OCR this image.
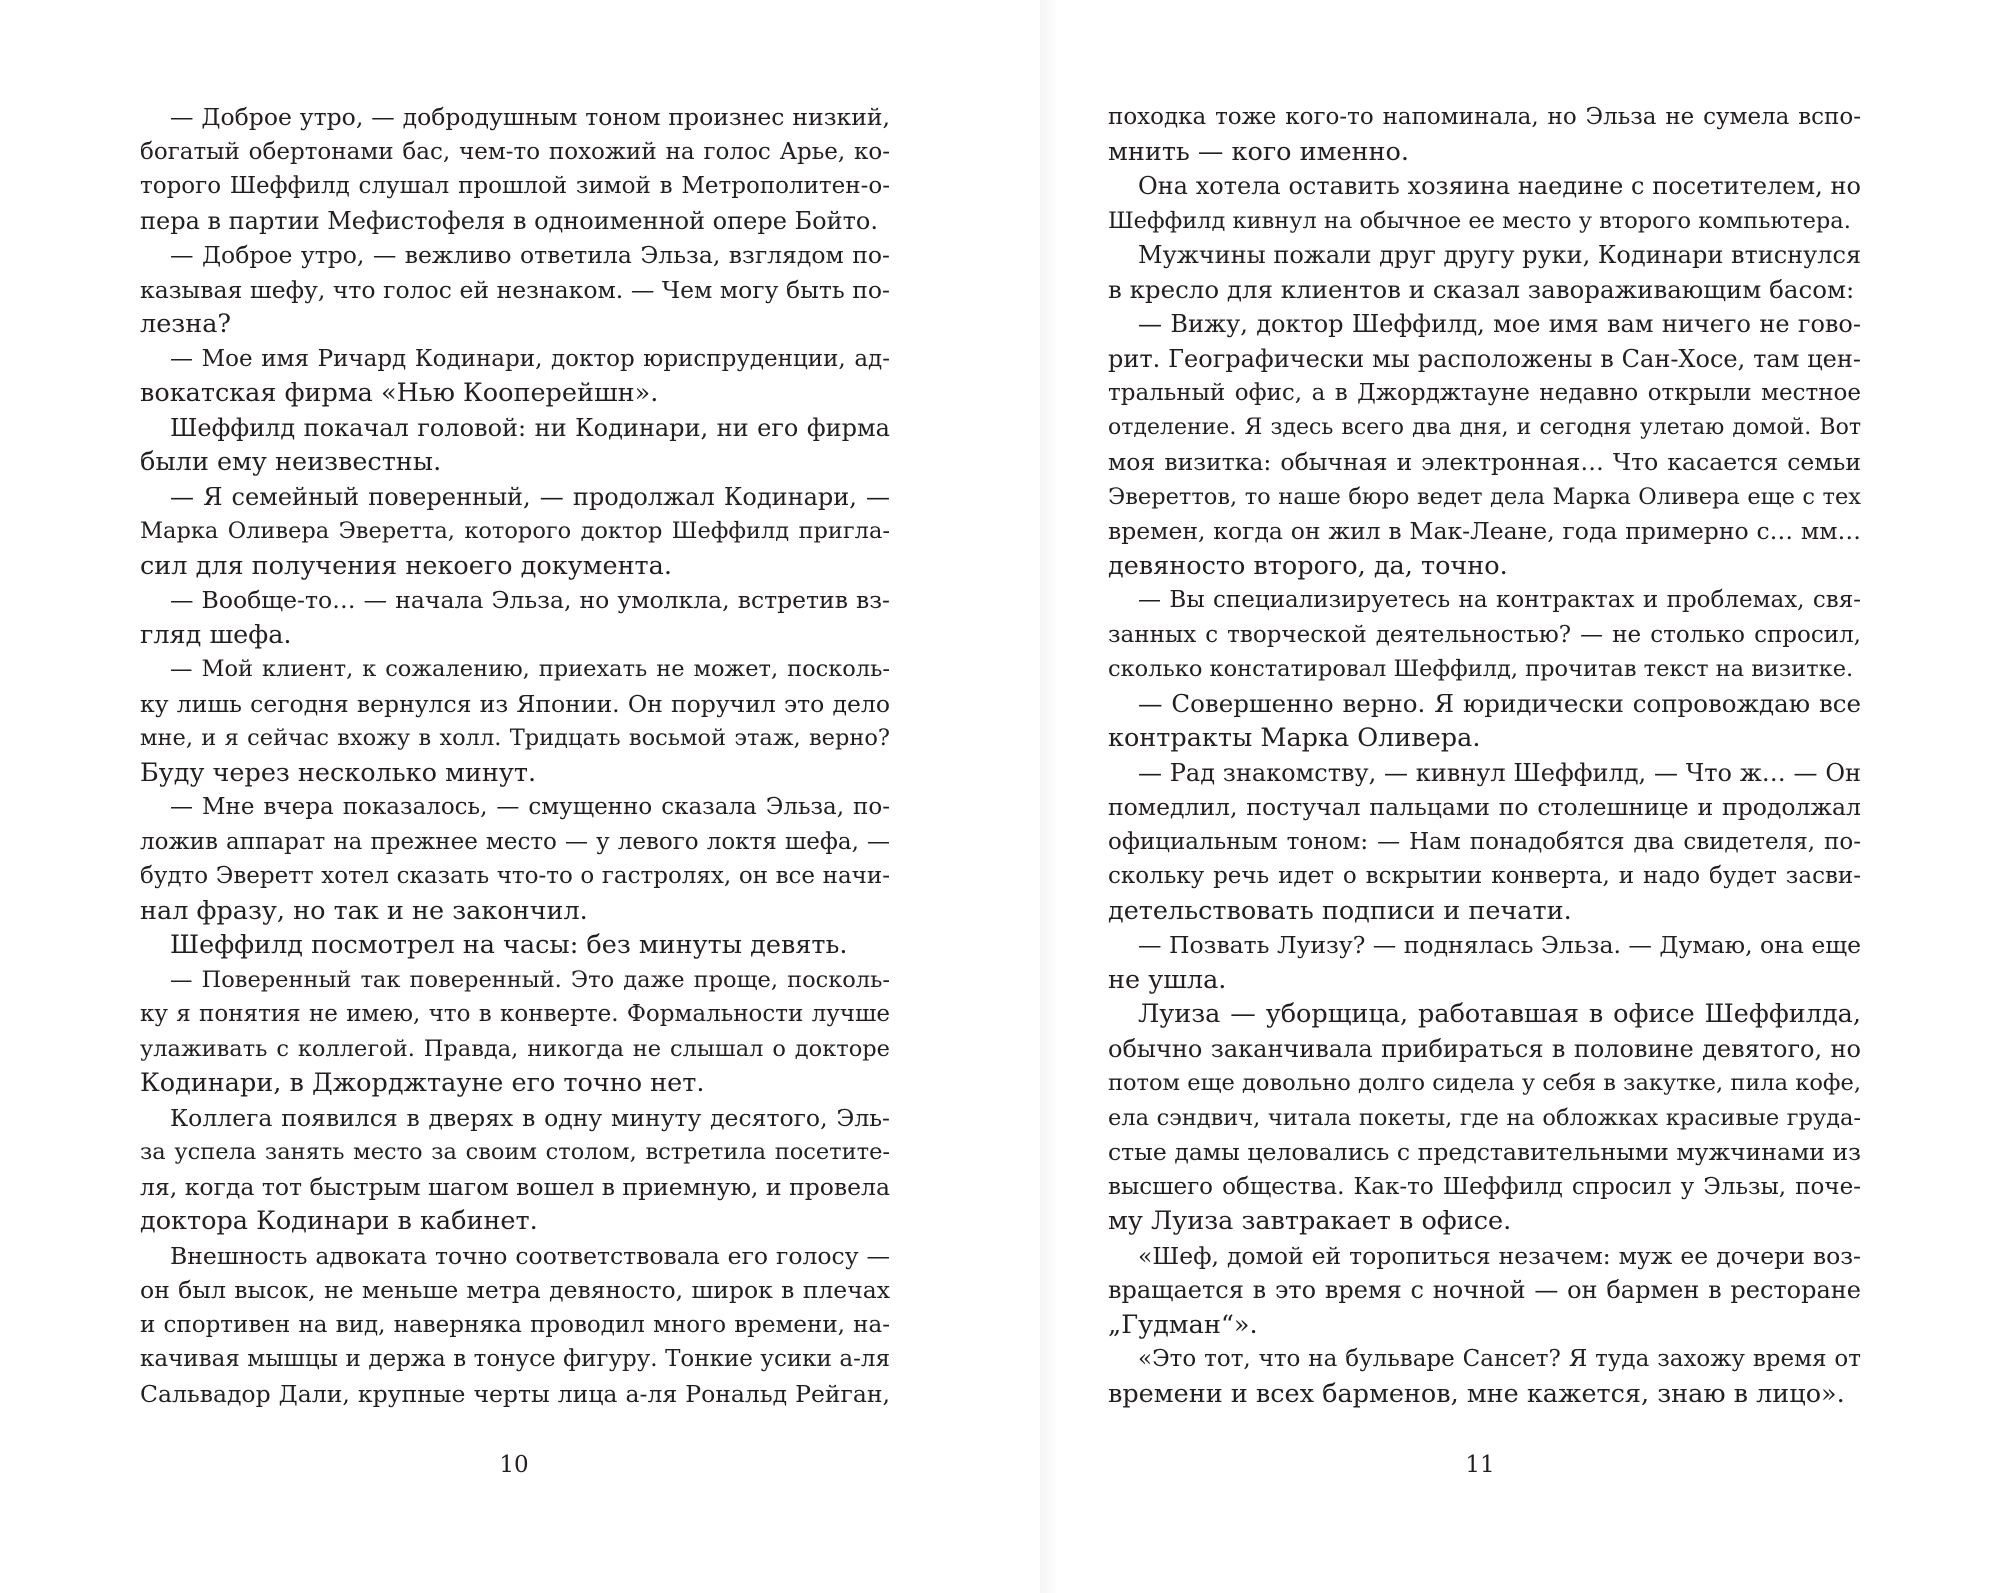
— Доброе утро, — добродушным тоном произнес низкий,
богатый обертонами бас, чем-то похожий на голос Арье, ко-
торого Шеффилд слушал прошлой зимой в Метрополитен-о-
пера в партии Мефистофеля в одноименной опере Бойто.
— Доброе утро, — вежливо ответила Эльза, взглядом по-
казывая шефу, что голос ей незнаком. — Чем могу быть по-
лезна?
— Мое имя Ричард Кодинари, доктор юриспруденции, ад-
вокатская фирма «Нью Кооперейшн».
Шеффилд покачал головой: ни Кодинари, ни его фирма
были ему неизвестны.
— Я семейный поверенный, — продолжал Кодинари, —
Марка Оливера Эверетта, которого доктор Шеффилд пригла-
сил для получения некоего документа.
— Вообще-то… — начала Эльза, но умолкла, встретив вз-
гляд шефа.
— Мой клиент, к сожалению, приехать не может, посколь-
ку лишь сегодня вернулся из Японии. Он поручил это дело
мне, и я сейчас вхожу в холл. Тридцать восьмой этаж, верно?
Буду через несколько минут.
— Мне вчера показалось, — смущенно сказала Эльза, по-
ложив аппарат на прежнее место — у левого локтя шефа, —
будто Эверетт хотел сказать что-то о гастролях, он все начи-
нал фразу, но так и не закончил.
Шеффилд посмотрел на часы: без минуты девять.
— Поверенный так поверенный. Это даже проще, посколь-
ку я понятия не имею, что в конверте. Формальности лучше
улаживать с коллегой. Правда, никогда не слышал о докторе
Кодинари, в Джорджтауне его точно нет.
Коллега появился в дверях в одну минуту десятого, Эль-
за успела занять место за своим столом, встретила посетите-
ля, когда тот быстрым шагом вошел в приемную, и провела
доктора Кодинари в кабинет.
Внешность адвоката точно соответствовала его голосу —
он был высок, не меньше метра девяносто, широк в плечах
и спортивен на вид, наверняка проводил много времени, на-
качивая мышцы и держа в тонусе фигуру. Тонкие усики а-ля
Сальвадор Дали, крупные черты лица а-ля Рональд Рейган,
10
походка тоже кого-то напоминала, но Эльза не сумела вспо-
мнить — кого именно.
Она хотела оставить хозяина наедине с посетителем, но
Шеффилд кивнул на обычное ее место у второго компьютера.
Мужчины пожали друг другу руки, Кодинари втиснулся
в кресло для клиентов и сказал завораживающим басом:
— Вижу, доктор Шеффилд, мое имя вам ничего не гово-
рит. Географически мы расположены в Сан-Хосе, там цен-
тральный офис, а в Джорджтауне недавно открыли местное
отделение. Я здесь всего два дня, и сегодня улетаю домой. Вот
моя визитка: обычная и электронная… Что касается семьи
Эвереттов, то наше бюро ведет дела Марка Оливера еще с тех
времен, когда он жил в Мак-Леане, года примерно с… мм…
девяносто второго, да, точно.
— Вы специализируетесь на контрактах и проблемах, свя-
занных с творческой деятельностью? — не столько спросил,
сколько констатировал Шеффилд, прочитав текст на визитке.
— Совершенно верно. Я юридически сопровождаю все
контракты Марка Оливера.
— Рад знакомству, — кивнул Шеффилд, — Что ж… — Он
помедлил, постучал пальцами по столешнице и продолжал
официальным тоном: — Нам понадобятся два свидетеля, по-
скольку речь идет о вскрытии конверта, и надо будет засви-
детельствовать подписи и печати.
— Позвать Луизу? — поднялась Эльза. — Думаю, она еще
не ушла.
Луиза — уборщица, работавшая в офисе Шеффилда,
обычно заканчивала прибираться в половине девятого, но
потом еще довольно долго сидела у себя в закутке, пила кофе,
ела сэндвич, читала покеты, где на обложках красивые груда-
стые дамы целовались с представительными мужчинами из
высшего общества. Как-то Шеффилд спросил у Эльзы, поче-
му Луиза завтракает в офисе.
«Шеф, домой ей торопиться незачем: муж ее дочери воз-
вращается в это время с ночной — он бармен в ресторане
„Гудман“».
«Это тот, что на бульваре Сансет? Я туда захожу время от
времени и всех барменов, мне кажется, знаю в лицо».
11
